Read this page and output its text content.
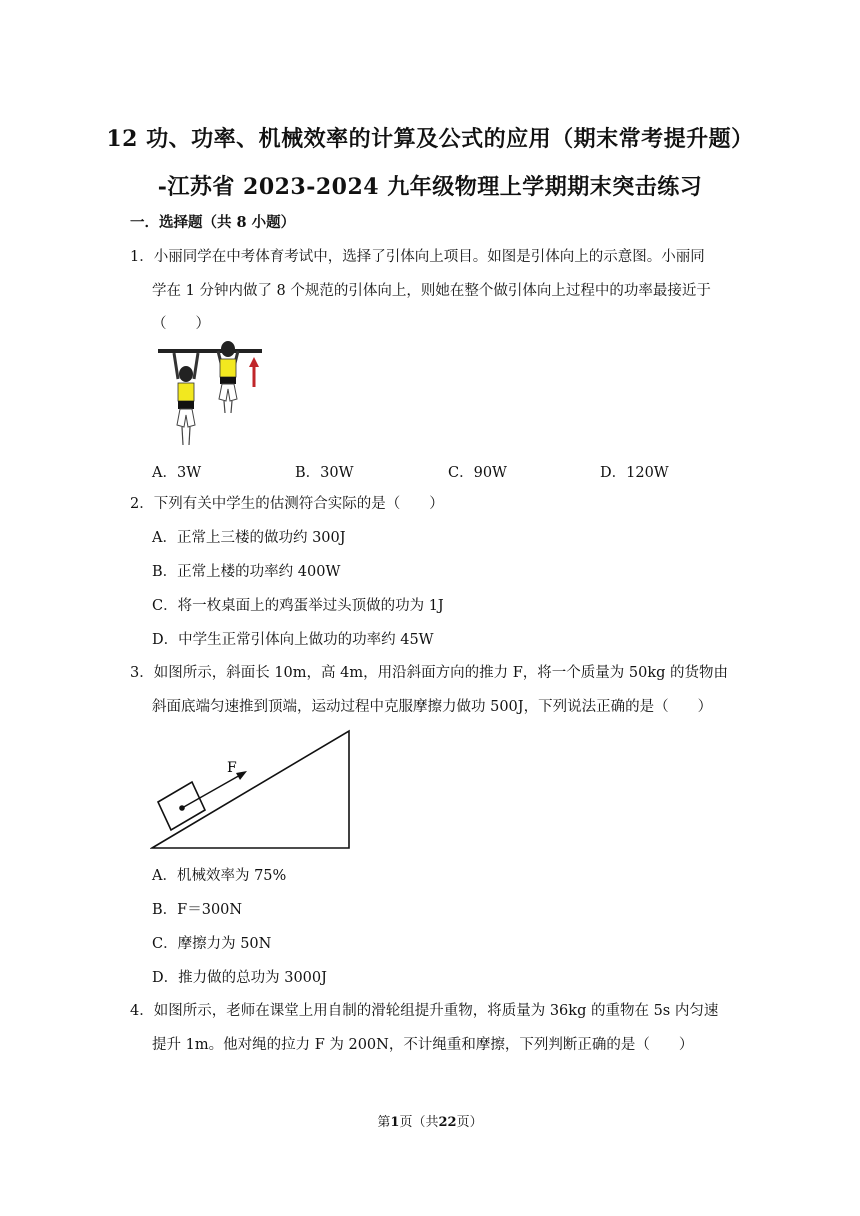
12 功、功率、机械效率的计算及公式的应用（期末常考提升题）
-江苏省 2023-2024 九年级物理上学期期末突击练习
一．选择题（共 8 小题）
1．小丽同学在中考体育考试中，选择了引体向上项目。如图是引体向上的示意图。小丽同
学在 1 分钟内做了 8 个规范的引体向上，则她在整个做引体向上过程中的功率最接近于
（　　）
A．3W	B．30W	C．90W	D．120W
2．下列有关中学生的估测符合实际的是（　　）
A．正常上三楼的做功约 300J
B．正常上楼的功率约 400W
C．将一枚桌面上的鸡蛋举过头顶做的功为 1J
D．中学生正常引体向上做功的功率约 45W
3．如图所示，斜面长 10m，高 4m，用沿斜面方向的推力 F，将一个质量为 50kg 的货物由
斜面底端匀速推到顶端，运动过程中克服摩擦力做功 500J，下列说法正确的是（　　）
F
A．机械效率为 75%
B．F＝300N
C．摩擦力为 50N
D．推力做的总功为 3000J
4．如图所示，老师在课堂上用自制的滑轮组提升重物，将质量为 36kg 的重物在 5s 内匀速
提升 1m。他对绳的拉力 F 为 200N，不计绳重和摩擦，下列判断正确的是（　　）
第1页（共22页）
